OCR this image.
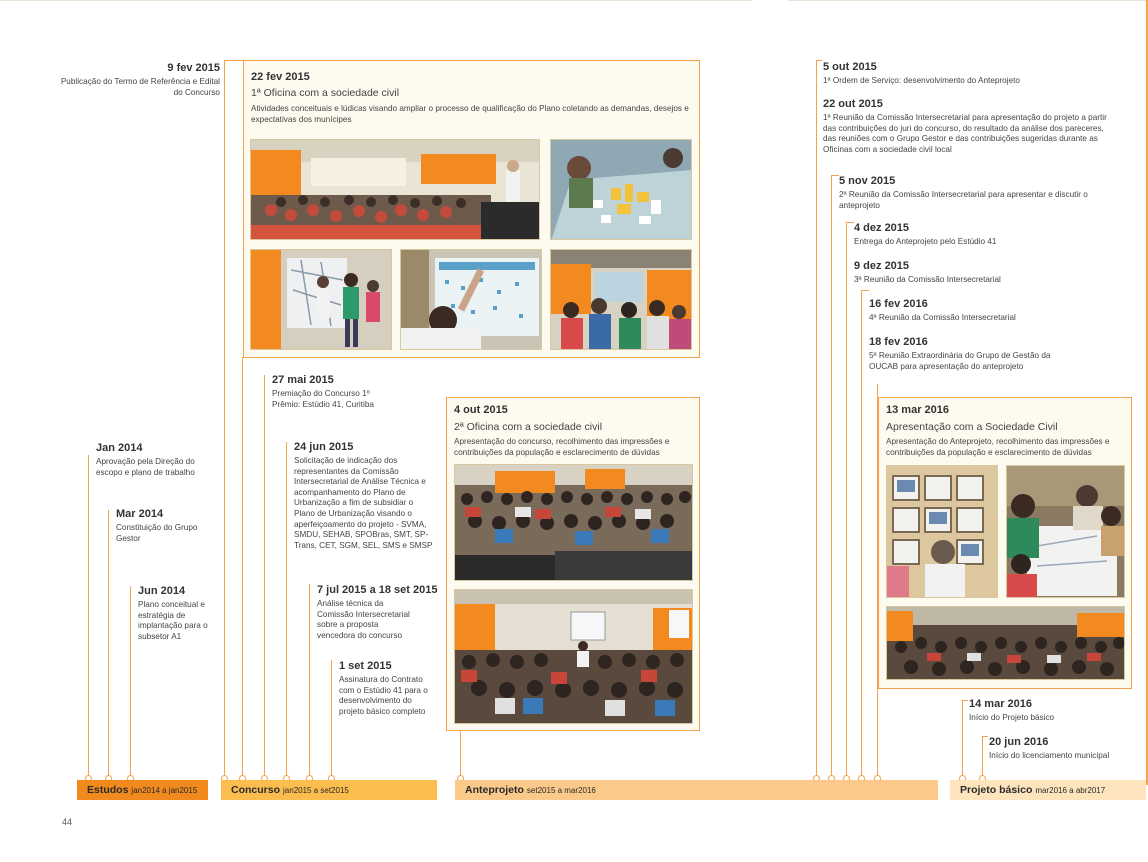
9 fev 2015
Publicação do Termo de Referência e Edital do Concurso
Jan 2014
Aprovação pela Direção do escopo e plano de trabalho
Mar 2014
Constituição do Grupo Gestor
Jun 2014
Plano conceitual e estratégia de implantação para o subsetor A1
22 fev 2015
1ª Oficina com a sociedade civil
Atividades conceituais e lúdicas visando ampliar o processo de qualificação do Plano coletando as demandas, desejos e expectativas dos munícipes
27 mai 2015
Premiação do Concurso 1º Prêmio: Estúdio 41, Curitiba
24 jun 2015
Solicitação de indicação dos representantes da Comissão Intersecretarial de Análise Técnica e acompanhamento do Plano de Urbanização a fim de subsidiar o Plano de Urbanização visando o aperfeiçoamento do projeto - SVMA, SMDU, SEHAB, SPOBras, SMT, SP-Trans, CET, SGM, SEL, SMS e SMSP
7 jul 2015 a 18 set 2015
Análise técnica da Comissão Intersecretarial sobre a proposta vencedora do concurso
1 set 2015
Assinatura do Contrato com o Estúdio 41 para o desenvolvimento do projeto básico completo
4 out 2015
2ª Oficina com a sociedade civil
Apresentação do concurso, recolhimento das impressões e contribuições da população e esclarecimento de dúvidas
5 out 2015
1ª Ordem de Serviço: desenvolvimento do Anteprojeto
22 out 2015
1ª Reunião da Comissão Intersecretarial para apresentação do projeto a partir das contribuições do juri do concurso, do resultado da análise dos pareceres, das reuniões com o Grupo Gestor e das contribuições sugeridas durante as Oficinas com a sociedade civil local
5 nov 2015
2ª Reunião da Comissão Intersecretarial para apresentar e discutir o anteprojeto
4 dez 2015
Entrega do Anteprojeto pelo Estúdio 41
9 dez 2015
3ª Reunião da Comissão Intersecretarial
16 fev 2016
4ª Reunião da Comissão Intersecretarial
18 fev 2016
5ª Reunião Extraordinária do Grupo de Gestão da OUCAB para apresentação do anteprojeto
13 mar 2016
Apresentação com a Sociedade Civil
Apresentação do Anteprojeto, recolhimento das impressões e contribuições da população e esclarecimento de dúvidas
14 mar 2016
Início do Projeto básico
20 jun 2016
Início do licenciamento municipal
Estudos jan2014 a jan2015	Concurso jan2015 a set2015	Anteprojeto set2015 a mar2016	Projeto básico mar2016 a abr2017
44
